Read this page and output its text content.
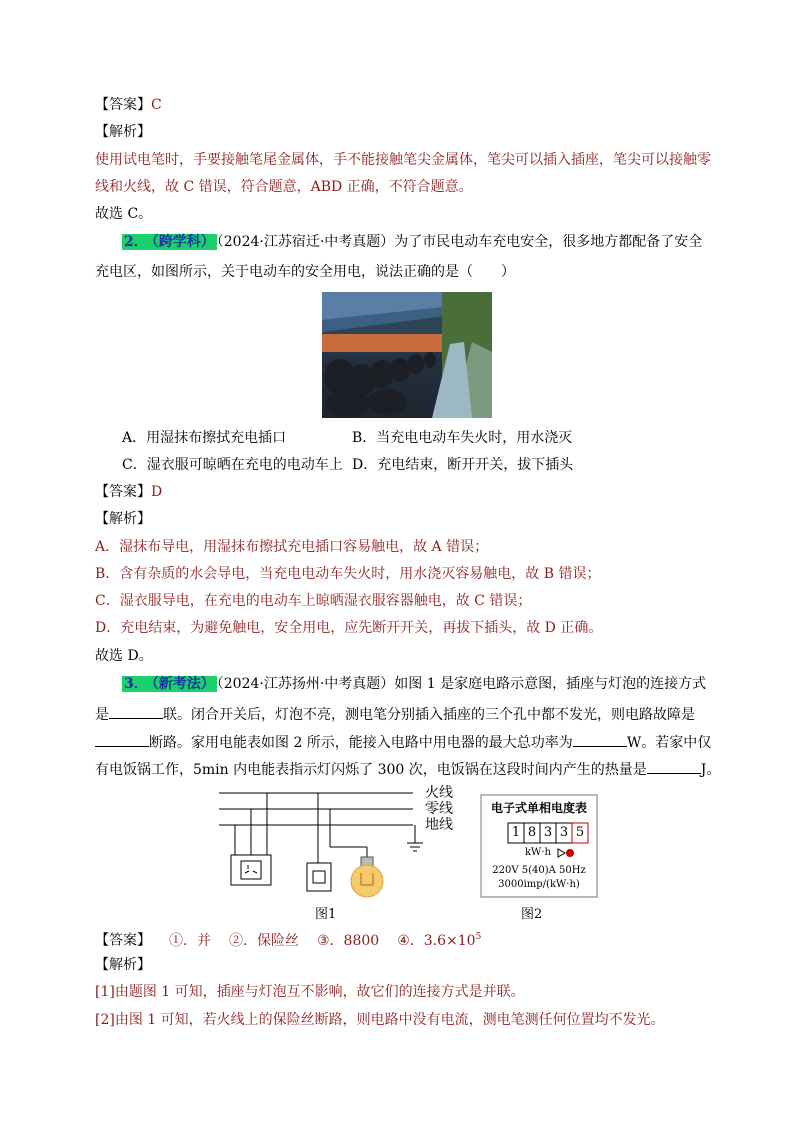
【答案】C
【解析】
使用试电笔时，手要接触笔尾金属体，手不能接触笔尖金属体，笔尖可以插入插座，笔尖可以接触零
线和火线，故 C 错误，符合题意，ABD 正确，不符合题意。
故选 C。
2． （跨学科） （2024·江苏宿迁·中考真题）为了市民电动车充电安全，很多地方都配备了安全
充电区，如图所示，关于电动车的安全用电，说法正确的是（　　）
A．用湿抹布擦拭充电插口	B．当充电电动车失火时，用水浇灭
C．湿衣服可晾晒在充电的电动车上 D．充电结束，断开开关，拔下插头
【答案】D
【解析】
A．湿抹布导电，用湿抹布擦拭充电插口容易触电，故 A 错误；
B．含有杂质的水会导电，当充电电动车失火时，用水浇灭容易触电，故 B 错误；
C．湿衣服导电，在充电的电动车上晾晒湿衣服容器触电，故 C 错误；
D．充电结束，为避免触电，安全用电，应先断开开关，再拔下插头，故 D 正确。
故选 D。
3． （新考法） （2024·江苏扬州·中考真题）如图 1 是家庭电路示意图，插座与灯泡的连接方式
是	联。闭合开关后，灯泡不亮，测电笔分别插入插座的三个孔中都不发光，则电路故障是
断路。家用电能表如图 2 所示，能接入电路中用电器的最大总功率为	W。若家中仅
有电饭锅工作，5min 内电能表指示灯闪烁了 300 次，电饭锅在这段时间内产生的热量是	J。
火线
零线
地线
图1
电子式单相电度表
1 8 3 3 5
kW·h
220V 5(40)A 50Hz
3000imp/(kW·h)
图2
【答案】 ①．并 ②．保险丝 ③．8800 ④．$3.6\times 10^5$
【解析】
[1]由题图 1 可知，插座与灯泡互不影响，故它们的连接方式是并联。
[2]由图 1 可知，若火线上的保险丝断路，则电路中没有电流，测电笔测任何位置均不发光。
